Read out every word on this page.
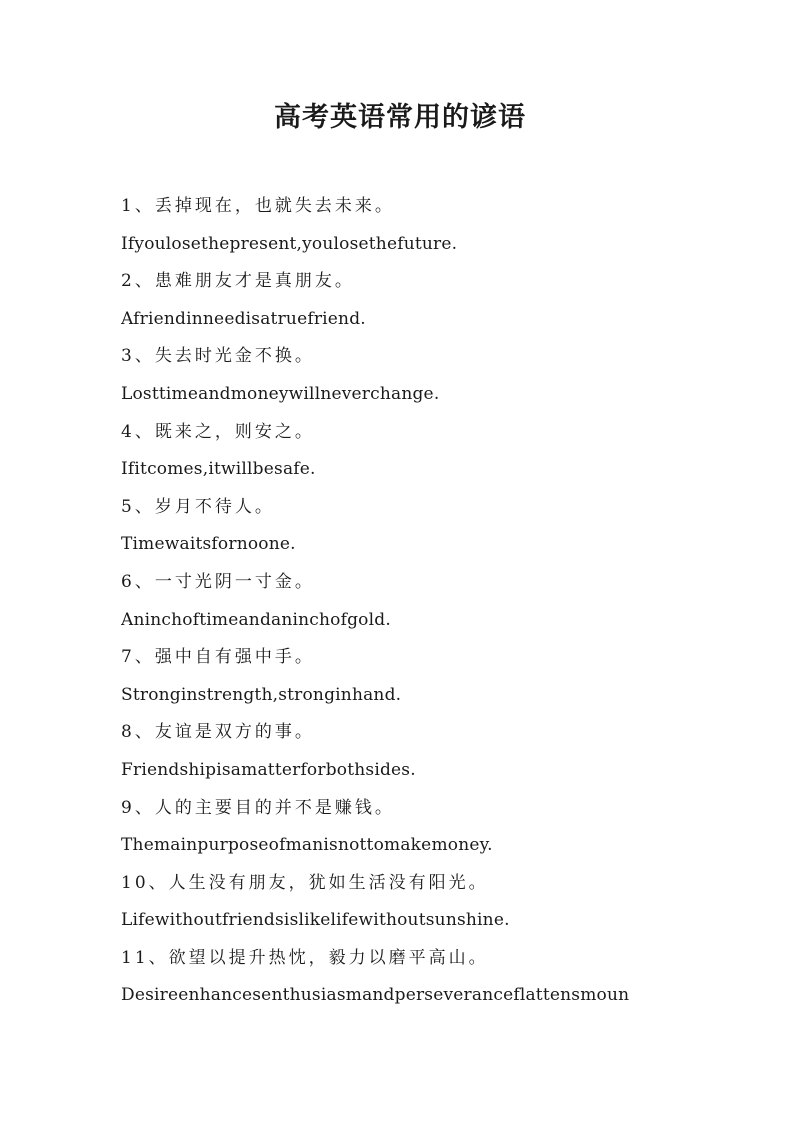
高考英语常用的谚语
1、丢掉现在，也就失去未来。
Ifyoulosethepresent,youlosethefuture.
2、患难朋友才是真朋友。
Afriendinneedisatruefriend.
3、失去时光金不换。
Losttimeandmoneywillneverchange.
4、既来之，则安之。
Ifitcomes,itwillbesafe.
5、岁月不待人。
Timewaitsfornoone.
6、一寸光阴一寸金。
Aninchoftimeandaninchofgold.
7、强中自有强中手。
Stronginstrength,stronginhand.
8、友谊是双方的事。
Friendshipisamatterforbothsides.
9、人的主要目的并不是赚钱。
Themainpurposeofmanisnottomakemoney.
10、人生没有朋友，犹如生活没有阳光。
Lifewithoutfriendsislikelifewithoutsunshine.
11、欲望以提升热忱，毅力以磨平高山。
Desireenhancesenthusiasmandperseveranceflattensmoun
